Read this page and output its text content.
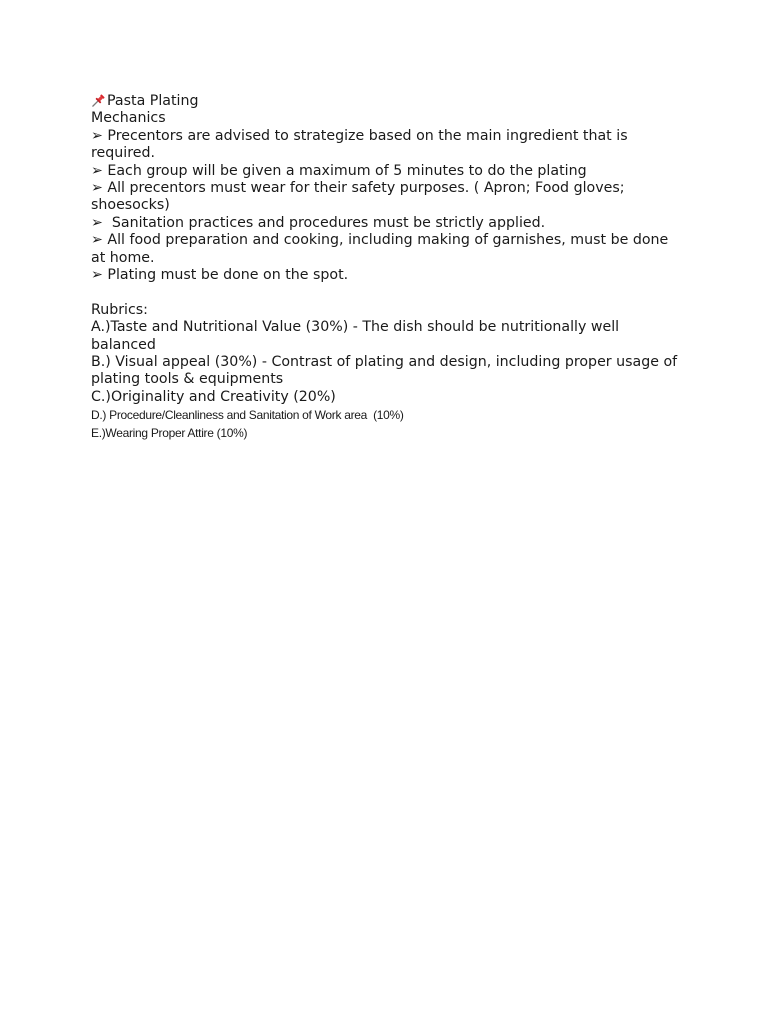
Pasta Plating
Mechanics
➢ Precentors are advised to strategize based on the main ingredient that is required.
➢ Each group will be given a maximum of 5 minutes to do the plating
➢ All precentors must wear for their safety purposes. ( Apron; Food gloves; shoesocks)
➢  Sanitation practices and procedures must be strictly applied.
➢ All food preparation and cooking, including making of garnishes, must be done at home.
➢ Plating must be done on the spot.
Rubrics:
A.)Taste and Nutritional Value (30%) - The dish should be nutritionally well balanced
B.) Visual appeal (30%) - Contrast of plating and design, including proper usage of plating tools & equipments
C.)Originality and Creativity (20%)
D.) Procedure/Cleanliness and Sanitation of Work area  (10%)
E.)Wearing Proper Attire (10%)
